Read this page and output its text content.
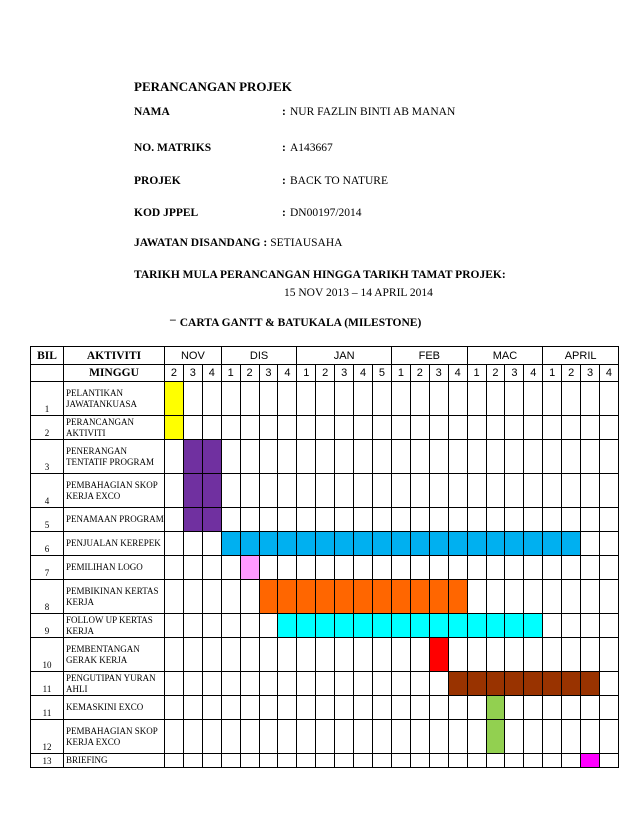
PERANCANGAN PROJEK
NAMA	: NUR FAZLIN BINTI AB MANAN
NO. MATRIKS	: A143667
PROJEK	: BACK TO NATURE
KOD JPPEL	: DN00197/2014
JAWATAN DISANDANG : SETIAUSAHA
TARIKH MULA PERANCANGAN HINGGA TARIKH TAMAT PROJEK:
15 NOV 2013 – 14 APRIL 2014
– CARTA GANTT & BATUKALA (MILESTONE)
BIL	AKTIVITI	NOV			DIS				JAN					FEB				MAC				APRIL			
	MINGGU	2	3	4	1	2	3	4	1	2	3	4	5	1	2	3	4	1	2	3	4	1	2	3	4
1	PELANTIKAN JAWATANKUASA																								
2	PERANCANGAN AKTIVITI																								
3	PENERANGAN TENTATIF PROGRAM																								
4	PEMBAHAGIAN SKOP KERJA EXCO																								
5	PENAMAAN PROGRAM																								
6	PENJUALAN KEREPEK																								
7	PEMILIHAN LOGO																								
8	PEMBIKINAN KERTAS KERJA																								
9	FOLLOW UP KERTAS KERJA																								
10	PEMBENTANGAN GERAK KERJA																								
11	PENGUTIPAN YURAN AHLI																								
11	KEMASKINI EXCO																								
12	PEMBAHAGIAN SKOP KERJA EXCO																								
13	BRIEFING																								
